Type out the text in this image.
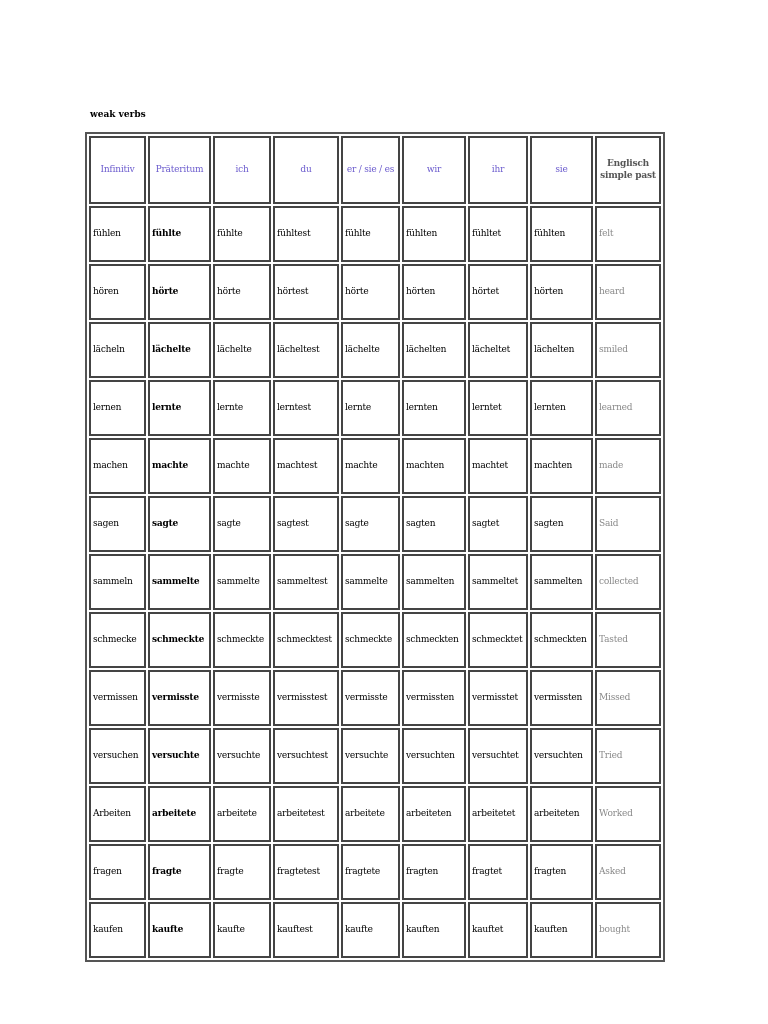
weak verbs
Infinitiv	Präteritum	ich	du	er / sie / es	wir	ihr	sie	Englisch simple past
fühlen	fühlte	fühlte	fühltest	fühlte	fühlten	fühltet	fühlten	felt
hören	hörte	hörte	hörtest	hörte	hörten	hörtet	hörten	heard
lächeln	lächelte	lächelte	lächeltest	lächelte	lächelten	lächeltet	lächelten	smiled
lernen	lernte	lernte	lerntest	lernte	lernten	lerntet	lernten	learned
machen	machte	machte	machtest	machte	machten	machtet	machten	made
sagen	sagte	sagte	sagtest	sagte	sagten	sagtet	sagten	Said
sammeln	sammelte	sammelte	sammeltest	sammelte	sammelten	sammeltet	sammelten	collected
schmecke	schmeckte	schmeckte	schmecktest	schmeckte	schmeckten	schmecktet	schmeckten	Tasted
vermissen	vermisste	vermisste	vermisstest	vermisste	vermissten	vermisstet	vermissten	Missed
versuchen	versuchte	versuchte	versuchtest	versuchte	versuchten	versuchtet	versuchten	Tried
Arbeiten	arbeitete	arbeitete	arbeitetest	arbeitete	arbeiteten	arbeitetet	arbeiteten	Worked
fragen	fragte	fragte	fragtetest	fragtete	fragten	fragtet	fragten	Asked
kaufen	kaufte	kaufte	kauftest	kaufte	kauften	kauftet	kauften	bought
